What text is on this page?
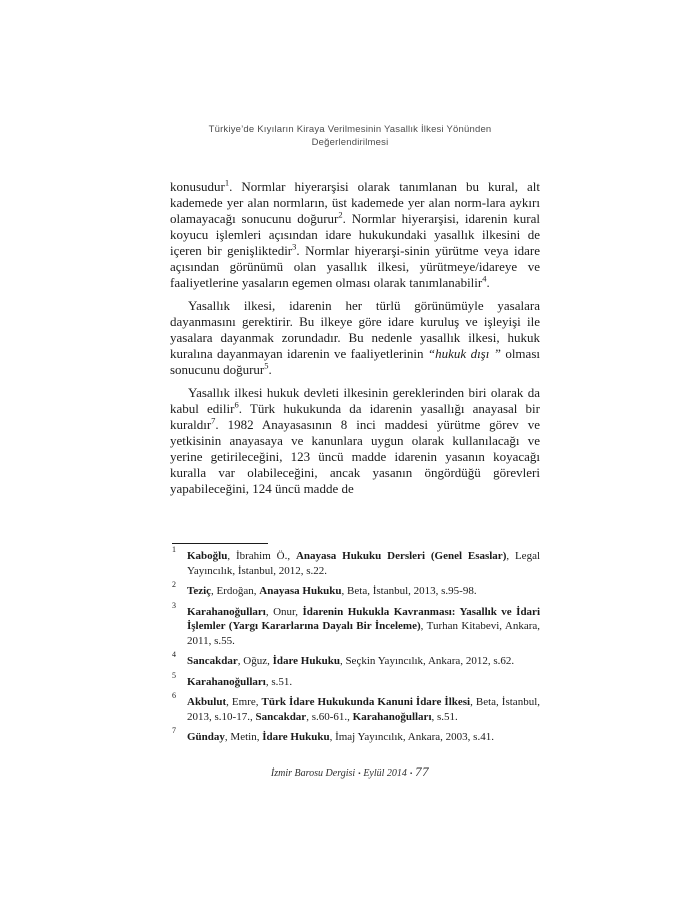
Türkiye’de Kıyıların Kiraya Verilmesinin Yasallık İlkesi Yönünden
Değerlendirilmesi

konusudur$^1$. Normlar hiyerarşisi olarak tanımlanan bu kural, alt kademede yer alan normların, üst kademede yer alan norm-lara aykırı olamayacağı sonucunu doğurur$^2$. Normlar hiyerarşisi, idarenin kural koyucu işlemleri açısından idare hukukundaki yasallık ilkesini de içeren bir genişliktedir$^3$. Normlar hiyerarşi-sinin yürütme veya idare açısından görünümü olan yasallık ilkesi, yürütmeye/idareye ve faaliyetlerine yasaların egemen olması olarak tanımlanabilir$^4$.

Yasallık ilkesi, idarenin her türlü görünümüyle yasalara dayanmasını gerektirir. Bu ilkeye göre idare kuruluş ve işleyişi ile yasalara dayanmak zorundadır. Bu nedenle yasallık ilkesi, hukuk kuralına dayanmayan idarenin ve faaliyetlerinin “hukuk dışı ” olması sonucunu doğurur$^5$.

Yasallık ilkesi hukuk devleti ilkesinin gereklerinden biri olarak da kabul edilir$^6$. Türk hukukunda da idarenin yasallığı anayasal bir kuraldır$^7$. 1982 Anayasasının 8 inci maddesi yürütme görev ve yetkisinin anayasaya ve kanunlara uygun olarak kullanılacağı ve yerine getirileceğini, 123 üncü madde idarenin yasanın koyacağı kuralla var olabileceğini, ancak yasanın öngördüğü görevleri yapabileceğini, 124 üncü madde de

1
Kaboğlu, İbrahim Ö., Anayasa Hukuku Dersleri (Genel Esaslar), Legal Yayıncılık, İstanbul, 2012, s.22.
2
Teziç, Erdoğan, Anayasa Hukuku, Beta, İstanbul, 2013, s.95-98.
3
Karahanoğulları, Onur, İdarenin Hukukla Kavranması: Yasallık ve İdari İşlemler (Yargı Kararlarına Dayalı Bir İnceleme), Turhan Kitabevi, Ankara, 2011, s.55.
4
Sancakdar, Oğuz, İdare Hukuku, Seçkin Yayıncılık, Ankara, 2012, s.62.
5
Karahanoğulları, s.51.
6
Akbulut, Emre, Türk İdare Hukukunda Kanuni İdare İlkesi, Beta, İstanbul, 2013, s.10-17., Sancakdar, s.60-61., Karahanoğulları, s.51.
7
Günday, Metin, İdare Hukuku, İmaj Yayıncılık, Ankara, 2003, s.41.
İzmir Barosu Dergisi ▪ Eylül 2014 ▪ 77
